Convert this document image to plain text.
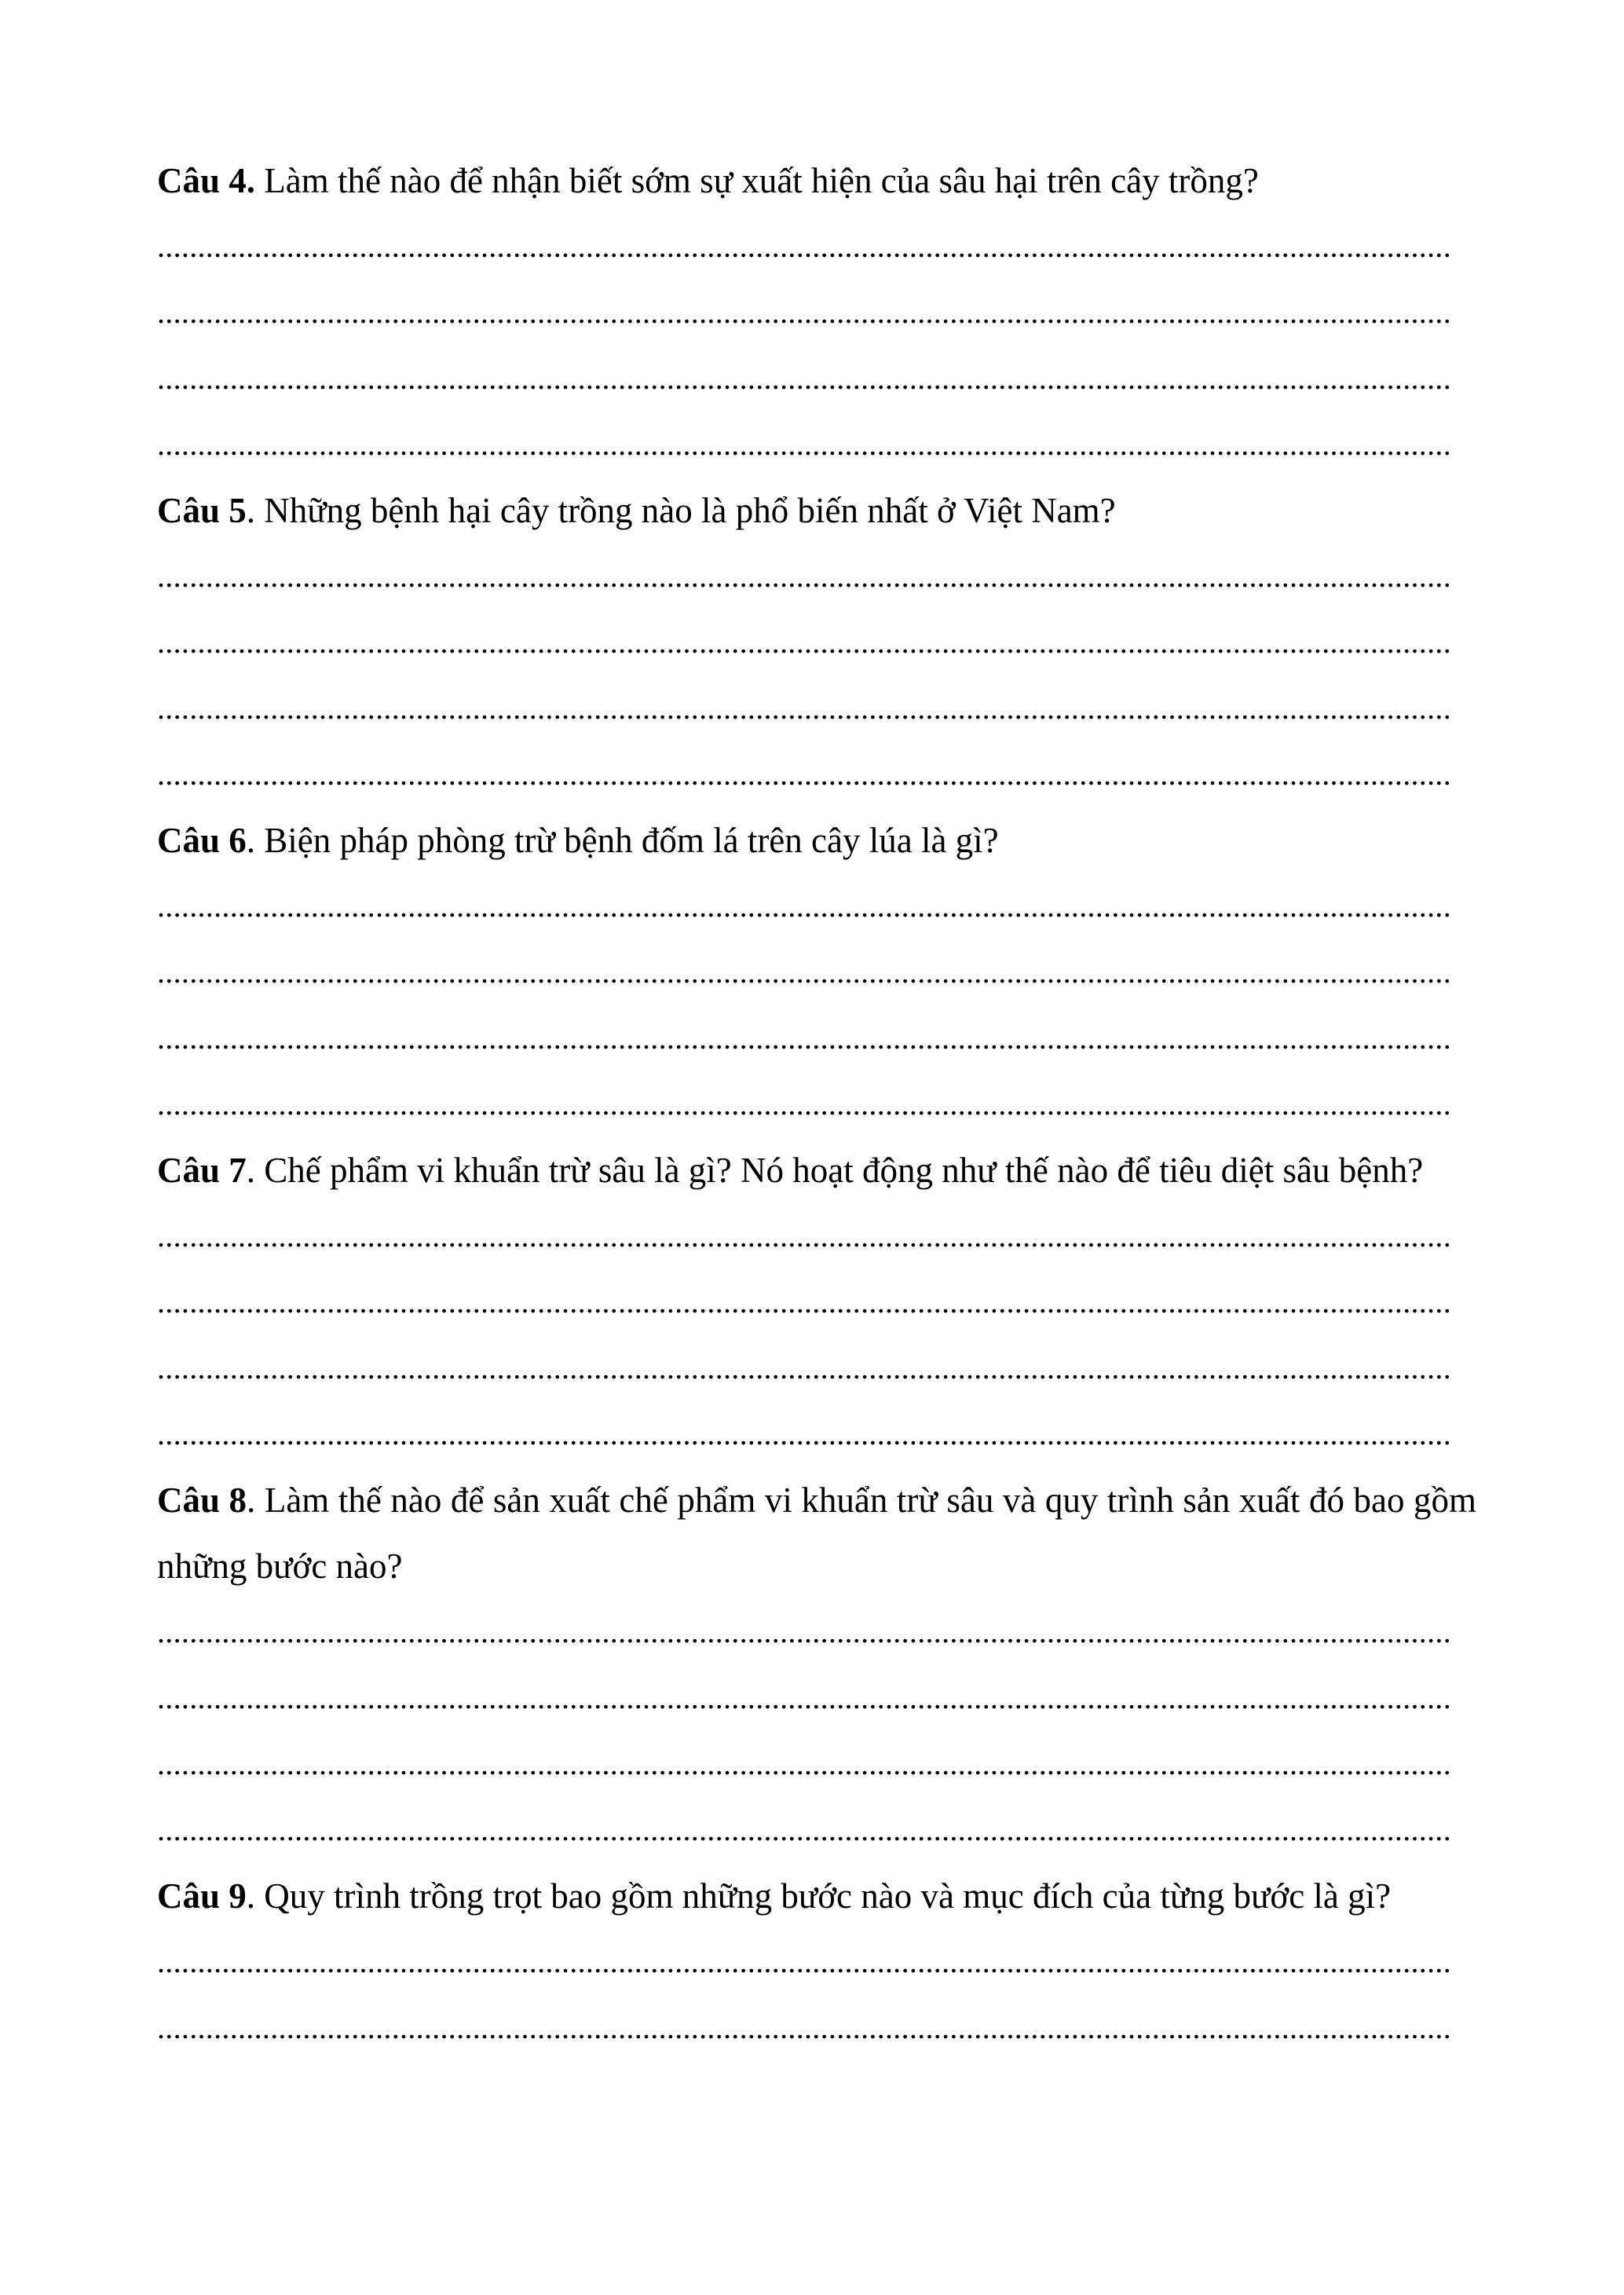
Câu 4. Làm thế nào để nhận biết sớm sự xuất hiện của sâu hại trên cây trồng?
................................................................................................................................................................
................................................................................................................................................................
................................................................................................................................................................
................................................................................................................................................................
Câu 5. Những bệnh hại cây trồng nào là phổ biến nhất ở Việt Nam?
................................................................................................................................................................
................................................................................................................................................................
................................................................................................................................................................
................................................................................................................................................................
Câu 6. Biện pháp phòng trừ bệnh đốm lá trên cây lúa là gì?
................................................................................................................................................................
................................................................................................................................................................
................................................................................................................................................................
................................................................................................................................................................
Câu 7. Chế phẩm vi khuẩn trừ sâu là gì? Nó hoạt động như thế nào để tiêu diệt sâu bệnh?
................................................................................................................................................................
................................................................................................................................................................
................................................................................................................................................................
................................................................................................................................................................
Câu 8. Làm thế nào để sản xuất chế phẩm vi khuẩn trừ sâu và quy trình sản xuất đó bao gồm những bước nào?
................................................................................................................................................................
................................................................................................................................................................
................................................................................................................................................................
................................................................................................................................................................
Câu 9. Quy trình trồng trọt bao gồm những bước nào và mục đích của từng bước là gì?
................................................................................................................................................................
................................................................................................................................................................
